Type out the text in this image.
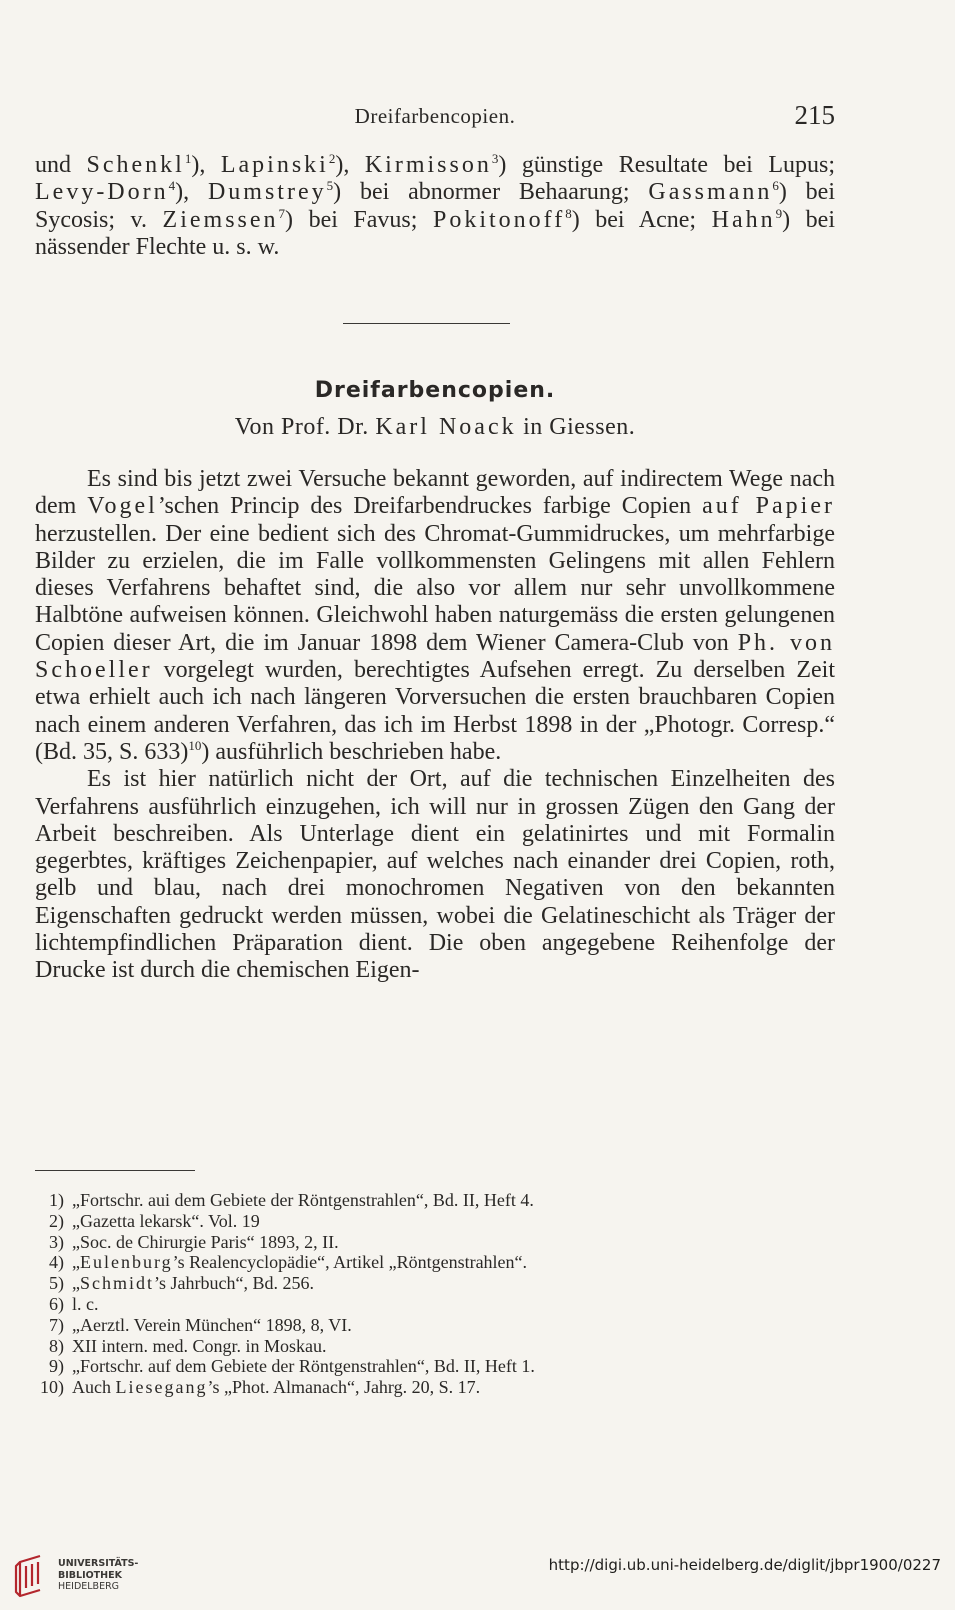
Dreifarbencopien.	215

und Schenkl$^1$), Lapinski$^2$), Kirmisson$^3$) günstige Resultate bei Lupus; Levy-Dorn$^4$), Dumstrey$^5$) bei abnormer Behaarung; Gassmann$^6$) bei Sycosis; v. Ziemssen$^7$) bei Favus; Pokitonoff$^8$) bei Acne; Hahn$^9$) bei nässender Flechte u. s. w.

Dreifarbencopien.
Von Prof. Dr. Karl Noack in Giessen.

Es sind bis jetzt zwei Versuche bekannt geworden, auf indirectem Wege nach dem Vogel’schen Princip des Dreifarbendruckes farbige Copien auf Papier herzustellen. Der eine bedient sich des Chromat-Gummidruckes, um mehrfarbige Bilder zu erzielen, die im Falle vollkommensten Gelingens mit allen Fehlern dieses Verfahrens behaftet sind, die also vor allem nur sehr unvollkommene Halbtöne aufweisen können. Gleichwohl haben naturgemäss die ersten gelungenen Copien dieser Art, die im Januar 1898 dem Wiener Camera-Club von Ph. von Schoeller vorgelegt wurden, berechtigtes Aufsehen erregt. Zu derselben Zeit etwa erhielt auch ich nach längeren Vorversuchen die ersten brauchbaren Copien nach einem anderen Verfahren, das ich im Herbst 1898 in der „Photogr. Corresp.“ (Bd. 35, S. 633)$^{10}$) ausführlich beschrieben habe.

Es ist hier natürlich nicht der Ort, auf die technischen Einzelheiten des Verfahrens ausführlich einzugehen, ich will nur in grossen Zügen den Gang der Arbeit beschreiben. Als Unterlage dient ein gelatinirtes und mit Formalin gegerbtes, kräftiges Zeichenpapier, auf welches nach einander drei Copien, roth, gelb und blau, nach drei monochromen Negativen von den bekannten Eigenschaften gedruckt werden müssen, wobei die Gelatineschicht als Träger der lichtempfindlichen Präparation dient. Die oben angegebene Reihenfolge der Drucke ist durch die chemischen Eigen-

1) „Fortschr. aui dem Gebiete der Röntgenstrahlen“, Bd. II, Heft 4.
2) „Gazetta lekarsk“. Vol. 19
3) „Soc. de Chirurgie Paris“ 1893, 2, II.
4) „Eulenburg’s Realencyclopädie“, Artikel „Röntgenstrahlen“.
5) „Schmidt’s Jahrbuch“, Bd. 256.
6) l. c.
7) „Aerztl. Verein München“ 1898, 8, VI.
8) XII intern. med. Congr. in Moskau.
9) „Fortschr. auf dem Gebiete der Röntgenstrahlen“, Bd. II, Heft 1.
10) Auch Liesegang’s „Phot. Almanach“, Jahrg. 20, S. 17.
UNIVERSITÄTS-
BIBLIOTHEK
HEIDELBERG
http://digi.ub.uni-heidelberg.de/diglit/jbpr1900/0227
